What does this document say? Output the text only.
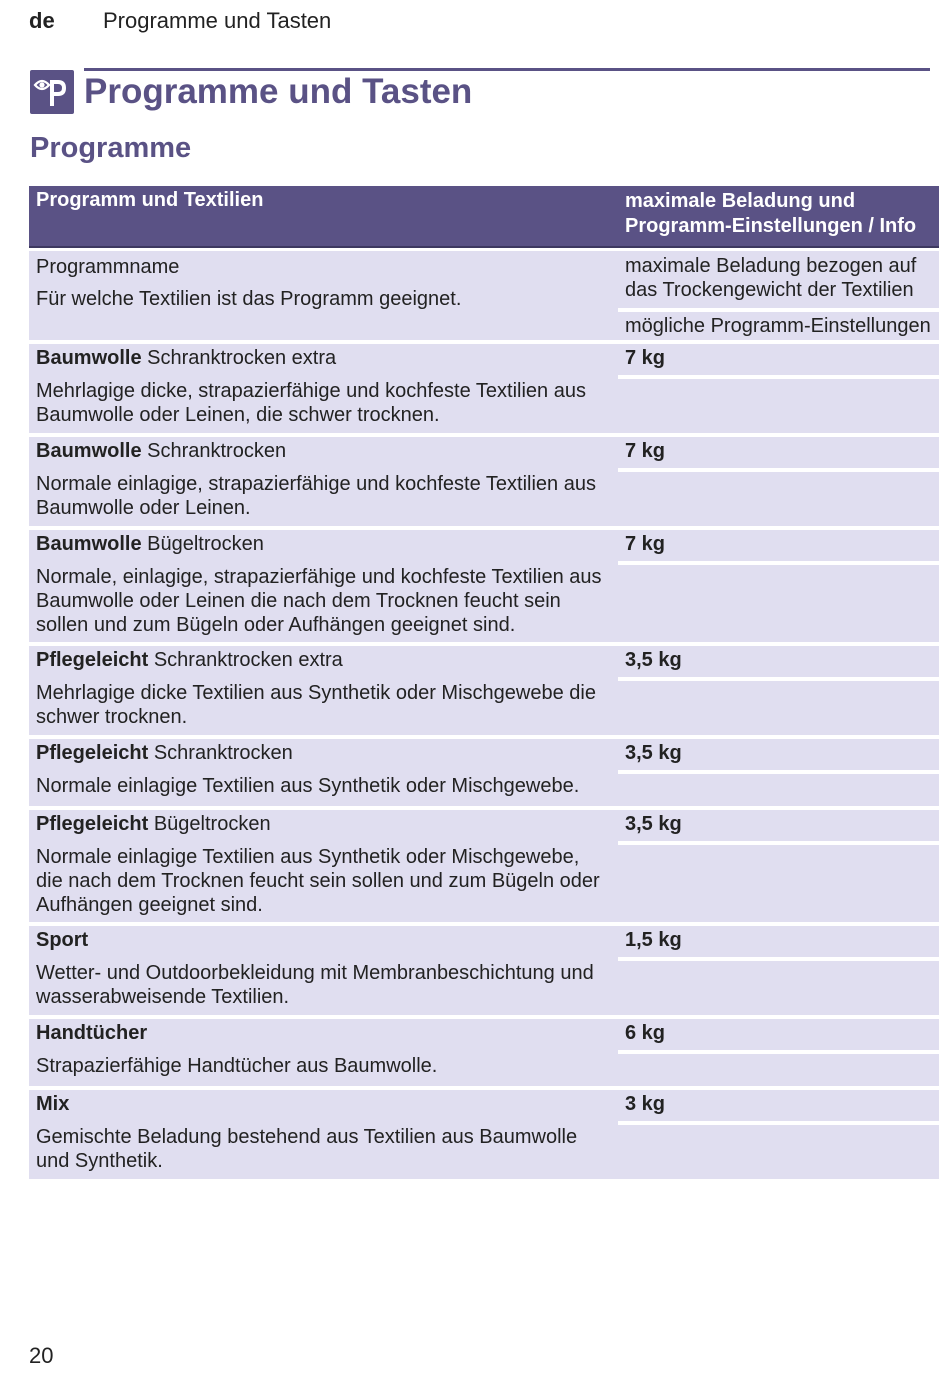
de Programme und Tasten
Programme und Tasten
Programme
Programm und Textilien	maximale Beladung und
Programm-Einstellungen / Info
Programmname
Für welche Textilien ist das Programm geeignet.
maximale Beladung bezogen auf
das Trockengewicht der Textilien
mögliche Programm-Einstellungen
Baumwolle Schranktrocken extra
Mehrlagige dicke, strapazierfähige und kochfeste Textilien aus Baumwolle oder Leinen, die schwer trocknen.
7 kg
Baumwolle Schranktrocken
Normale einlagige, strapazierfähige und kochfeste Textilien aus Baumwolle oder Leinen.
7 kg
Baumwolle Bügeltrocken
Normale, einlagige, strapazierfähige und kochfeste Textilien aus Baumwolle oder Leinen die nach dem Trocknen feucht sein sollen und zum Bügeln oder Aufhängen geeignet sind.
7 kg
Pflegeleicht Schranktrocken extra
Mehrlagige dicke Textilien aus Synthetik oder Mischgewebe die schwer trocknen.
3,5 kg
Pflegeleicht Schranktrocken
Normale einlagige Textilien aus Synthetik oder Mischgewebe.
3,5 kg
Pflegeleicht Bügeltrocken
Normale einlagige Textilien aus Synthetik oder Mischgewebe, die nach dem Trocknen feucht sein sollen und zum Bügeln oder Aufhängen geeignet sind.
3,5 kg
Sport
Wetter- und Outdoorbekleidung mit Membranbeschichtung und wasserabweisende Textilien.
1,5 kg
Handtücher
Strapazierfähige Handtücher aus Baumwolle.
6 kg
Mix
Gemischte Beladung bestehend aus Textilien aus Baumwolle und Synthetik.
3 kg
20
